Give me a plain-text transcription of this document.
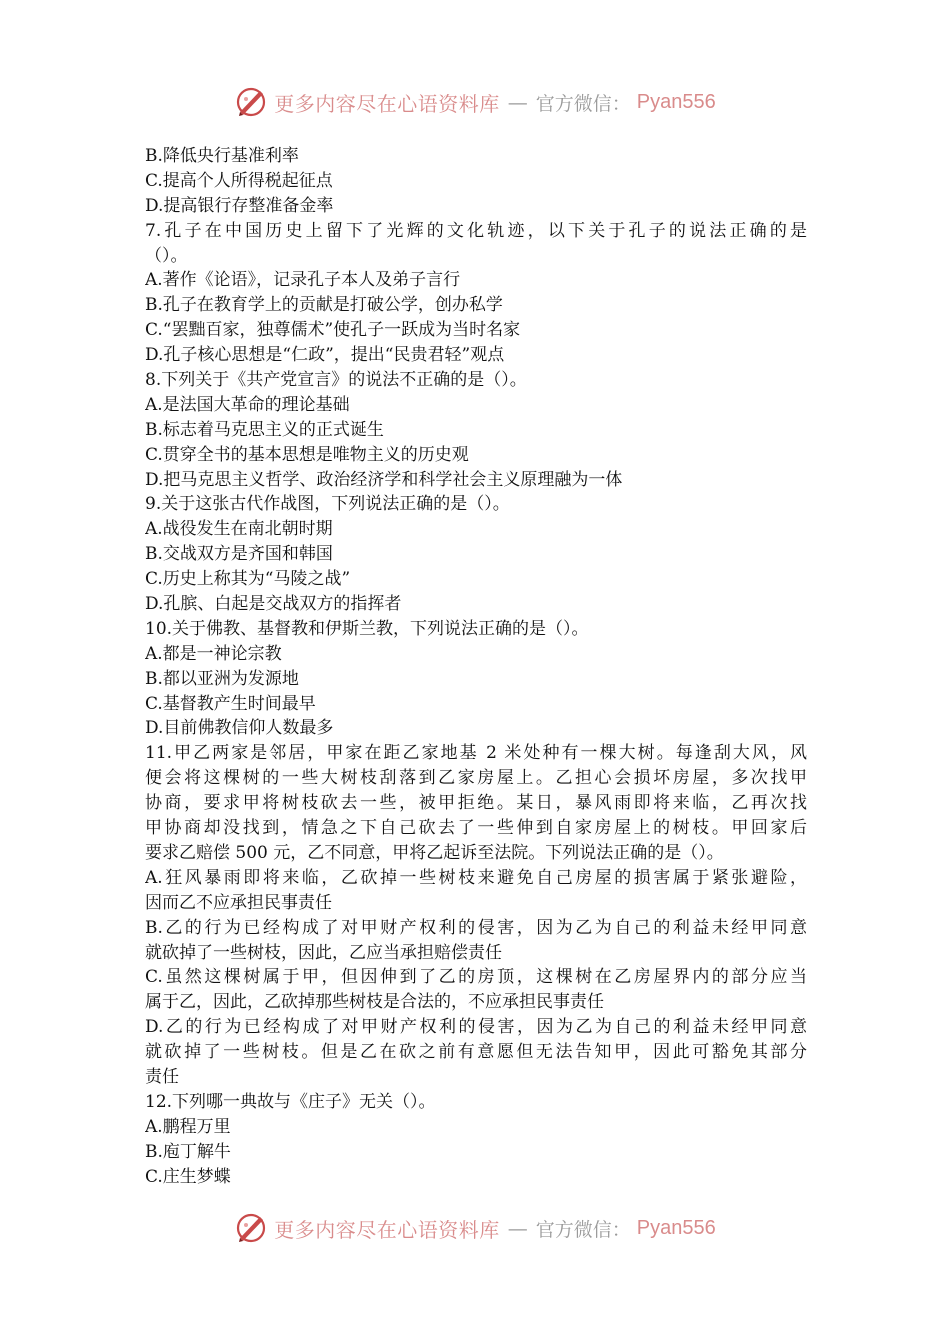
更多内容尽在心语资料库 — 官方微信： Pyan556
B.降低央行基准利率
C.提高个人所得税起征点
D.提高银行存整准备金率
7.孔子在中国历史上留下了光辉的文化轨迹，以下关于孔子的说法正确的是
（）。
A.著作《论语》，记录孔子本人及弟子言行
B.孔子在教育学上的贡献是打破公学，创办私学
C.“罢黜百家，独尊儒术”使孔子一跃成为当时名家
D.孔子核心思想是“仁政”，提出“民贵君轻”观点
8.下列关于《共产党宣言》的说法不正确的是（）。
A.是法国大革命的理论基础
B.标志着马克思主义的正式诞生
C.贯穿全书的基本思想是唯物主义的历史观
D.把马克思主义哲学、政治经济学和科学社会主义原理融为一体
9.关于这张古代作战图，下列说法正确的是（）。
A.战役发生在南北朝时期
B.交战双方是齐国和韩国
C.历史上称其为“马陵之战”
D.孔膑、白起是交战双方的指挥者
10.关于佛教、基督教和伊斯兰教，下列说法正确的是（）。
A.都是一神论宗教
B.都以亚洲为发源地
C.基督教产生时间最早
D.目前佛教信仰人数最多
11.甲乙两家是邻居，甲家在距乙家地基 2 米处种有一棵大树。每逢刮大风，风
便会将这棵树的一些大树枝刮落到乙家房屋上。乙担心会损坏房屋，多次找甲
协商，要求甲将树枝砍去一些，被甲拒绝。某日，暴风雨即将来临，乙再次找
甲协商却没找到，情急之下自己砍去了一些伸到自家房屋上的树枝。甲回家后
要求乙赔偿 500 元，乙不同意，甲将乙起诉至法院。下列说法正确的是（）。
A.狂风暴雨即将来临，乙砍掉一些树枝来避免自己房屋的损害属于紧张避险，
因而乙不应承担民事责任
B.乙的行为已经构成了对甲财产权利的侵害，因为乙为自己的利益未经甲同意
就砍掉了一些树枝，因此，乙应当承担赔偿责任
C.虽然这棵树属于甲，但因伸到了乙的房顶，这棵树在乙房屋界内的部分应当
属于乙，因此，乙砍掉那些树枝是合法的，不应承担民事责任
D.乙的行为已经构成了对甲财产权利的侵害，因为乙为自己的利益未经甲同意
就砍掉了一些树枝。但是乙在砍之前有意愿但无法告知甲，因此可豁免其部分
责任
12.下列哪一典故与《庄子》无关（）。
A.鹏程万里
B.庖丁解牛
C.庄生梦蝶
更多内容尽在心语资料库 — 官方微信： Pyan556
